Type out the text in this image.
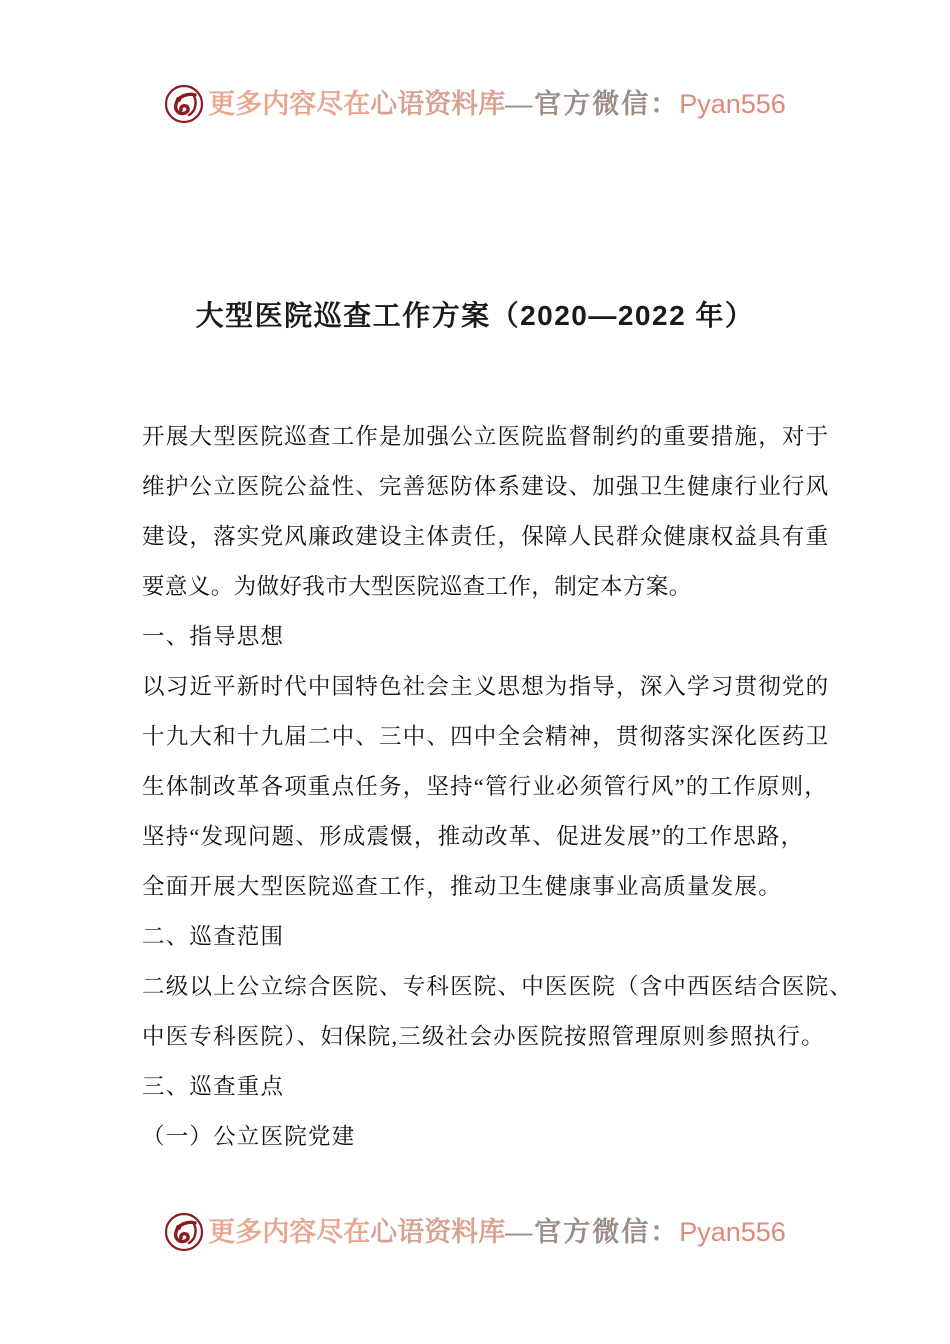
更多内容尽在心语资料库—官方微信：Pyan556
大型医院巡查工作方案（2020—2022 年）
开展大型医院巡查工作是加强公立医院监督制约的重要措施，对于
维护公立医院公益性、完善惩防体系建设、加强卫生健康行业行风
建设，落实党风廉政建设主体责任，保障人民群众健康权益具有重
要意义。为做好我市大型医院巡查工作，制定本方案。
一、指导思想
以习近平新时代中国特色社会主义思想为指导，深入学习贯彻党的
十九大和十九届二中、三中、四中全会精神，贯彻落实深化医药卫
生体制改革各项重点任务，坚持“管行业必须管行风”的工作原则，
坚持“发现问题、形成震慑，推动改革、促进发展”的工作思路，
全面开展大型医院巡查工作，推动卫生健康事业高质量发展。
二、巡查范围
二级以上公立综合医院、专科医院、中医医院（含中西医结合医院、
中医专科医院）、妇保院,三级社会办医院按照管理原则参照执行。
三、巡查重点
（一）公立医院党建
更多内容尽在心语资料库—官方微信：Pyan556
